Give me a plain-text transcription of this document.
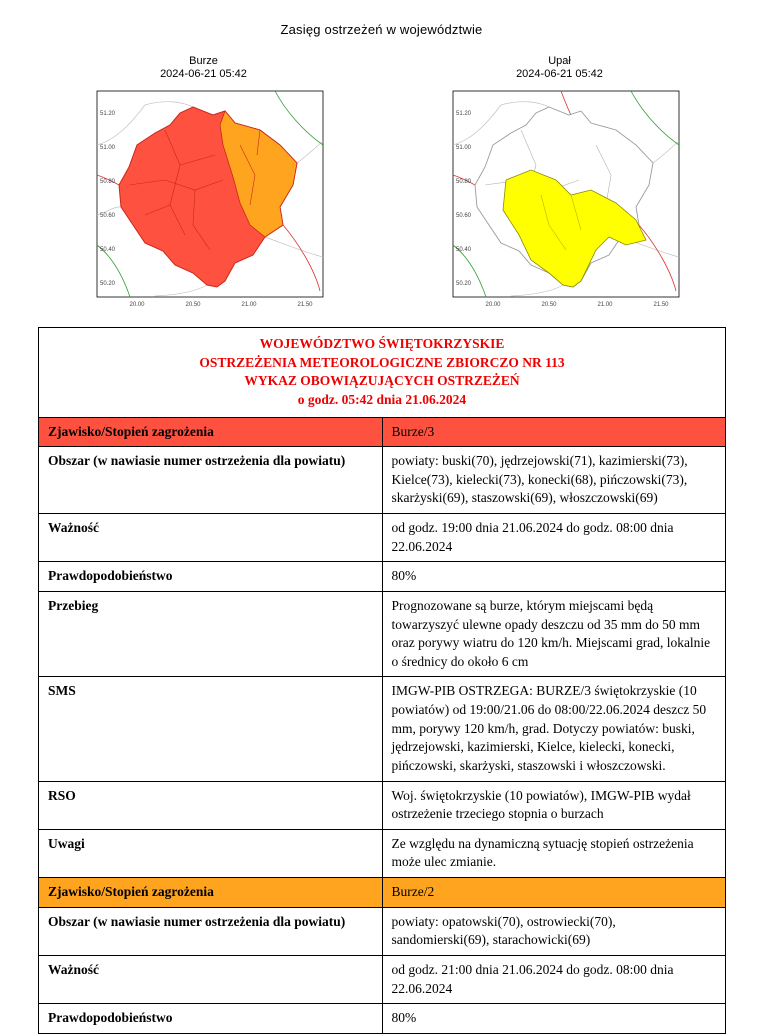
Zasięg ostrzeżeń w województwie
Burze
2024-06-21 05:42
51.20
51.00
50.80
50.60
50.40
50.20
20.00	20.50	21.00	21.50
Upał
2024-06-21 05:42
51.20
51.00
50.80
50.60
50.40
50.20
20.00	20.50	21.00	21.50
WOJEWÓDZTWO ŚWIĘTOKRZYSKIE
OSTRZEŻENIA METEOROLOGICZNE ZBIORCZO NR 113
WYKAZ OBOWIĄZUJĄCYCH OSTRZEŻEŃ
o godz. 05:42 dnia 21.06.2024	

Zjawisko/Stopień zagrożenia	Burze/3
Obszar (w nawiasie numer ostrzeżenia dla powiatu)	powiaty: buski(70), jędrzejowski(71), kazimierski(73), Kielce(73), kielecki(73), konecki(68), pińczowski(73), skarżyski(69), staszowski(69), włoszczowski(69)
Ważność	od godz. 19:00 dnia 21.06.2024 do godz. 08:00 dnia 22.06.2024
Prawdopodobieństwo	80%
Przebieg	Prognozowane są burze, którym miejscami będą towarzyszyć ulewne opady deszczu od 35 mm do 50 mm oraz porywy wiatru do 120 km/h. Miejscami grad, lokalnie o średnicy do około 6 cm
SMS	IMGW-PIB OSTRZEGA: BURZE/3 świętokrzyskie (10 powiatów) od 19:00/21.06 do 08:00/22.06.2024 deszcz 50 mm, porywy 120 km/h, grad. Dotyczy powiatów: buski, jędrzejowski, kazimierski, Kielce, kielecki, konecki, pińczowski, skarżyski, staszowski i włoszczowski.
RSO	Woj. świętokrzyskie (10 powiatów), IMGW-PIB wydał ostrzeżenie trzeciego stopnia o burzach
Uwagi	Ze względu na dynamiczną sytuację stopień ostrzeżenia może ulec zmianie.
Zjawisko/Stopień zagrożenia	Burze/2
Obszar (w nawiasie numer ostrzeżenia dla powiatu)	powiaty: opatowski(70), ostrowiecki(70), sandomierski(69), starachowicki(69)
Ważność	od godz. 21:00 dnia 21.06.2024 do godz. 08:00 dnia 22.06.2024
Prawdopodobieństwo	80%
